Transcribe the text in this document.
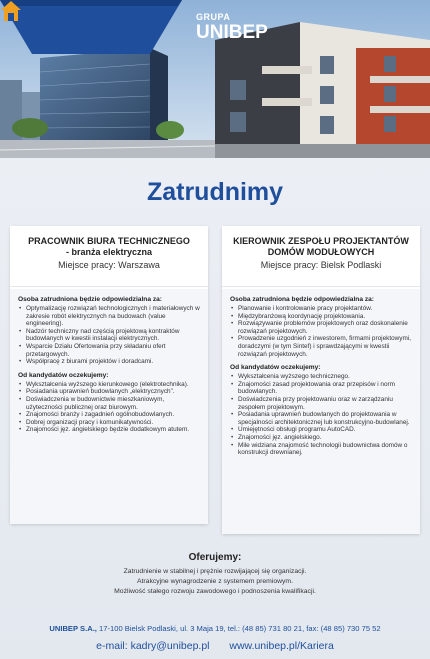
GRUPA
UNIBEP
Zatrudnimy
PRACOWNIK BIURA TECHNICZNEGO
- branża elektryczna
Miejsce pracy: Warszawa
Osoba zatrudniona będzie odpowiedzialna za:
• Optymalizację rozwiązań technologicznych i materiałowych w zakresie robót elektrycznych na budowach (value engineering).
• Nadzór techniczny nad częścią projektową kontraktów budowlanych w kwestii instalacji elektrycznych.
• Wsparcie Działu Ofertowania przy składaniu ofert przetargowych.
• Współpracę z biurami projektów i doradcami.
Od kandydatów oczekujemy:
• Wykształcenia wyższego kierunkowego (elektrotechnika).
• Posiadania uprawnień budowlanych „elektrycznych”.
• Doświadczenia w budownictwie mieszkaniowym, użyteczności publicznej oraz biurowym.
• Znajomości branży i zagadnień ogólnobudowlanych.
• Dobrej organizacji pracy i komunikatywności.
• Znajomości jęz. angielskiego będzie dodatkowym atutem.
KIEROWNIK ZESPOŁU PROJEKTANTÓW
DOMÓW MODUŁOWYCH
Miejsce pracy: Bielsk Podlaski
Osoba zatrudniona będzie odpowiedzialna za:
• Planowanie i kontrolowanie pracy projektantów.
• Międzybranżową koordynację projektowania.
• Rozwiązywanie problemów projektowych oraz doskonalenie rozwiązań projektowych.
• Prowadzenie uzgodnień z inwestorem, firmami projektowymi, doradczymi (w tym Sintef) i sprawdzającymi w kwestii rozwiązań projektowych.
Od kandydatów oczekujemy:
• Wykształcenia wyższego technicznego.
• Znajomości zasad projektowania oraz przepisów i norm budowlanych.
• Doświadczenia przy projektowaniu oraz w zarządzaniu zespołem projektowym.
• Posiadania uprawnień budowlanych do projektowania w specjalności architektonicznej lub konstrukcyjno-budowlanej.
• Umiejętności obsługi programu AutoCAD.
• Znajomości jęz. angielskiego.
• Mile widziana znajomość technologii budownictwa domów o konstrukcji drewnianej.
Oferujemy:
Zatrudnienie w stabilnej i prężnie rozwijającej się organizacji.
Atrakcyjne wynagrodzenie z systemem premiowym.
Możliwość stałego rozwoju zawodowego i podnoszenia kwalifikacji.
UNIBEP S.A., 17-100 Bielsk Podlaski, ul. 3 Maja 19, tel.: (48 85) 731 80 21, fax: (48 85) 730 75 52
e-mail: kadry@unibep.pl www.unibep.pl/Kariera
